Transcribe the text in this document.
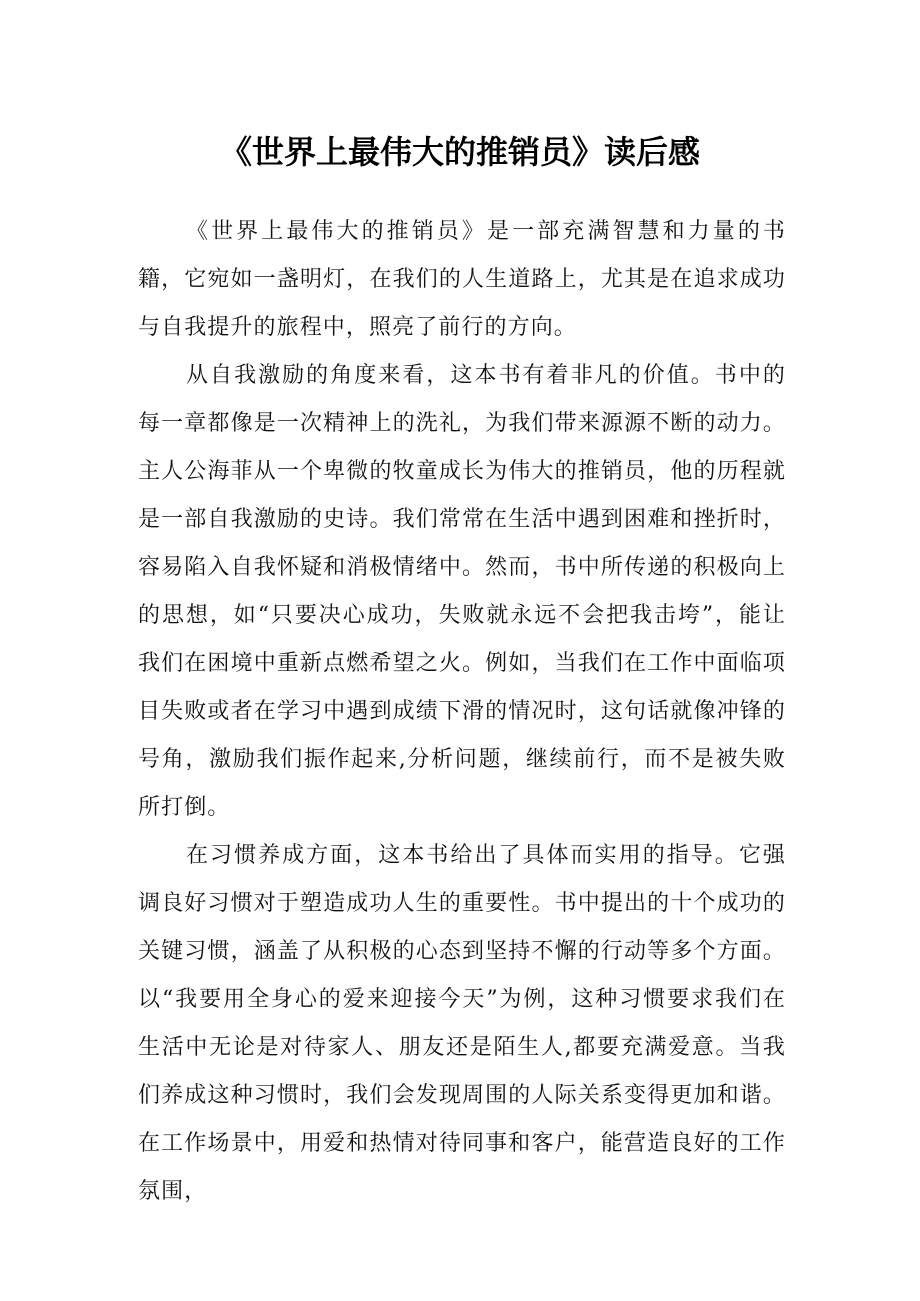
《世界上最伟大的推销员》读后感

《世界上最伟大的推销员》是一部充满智慧和力量的书籍，它宛如一盏明灯，在我们的人生道路上，尤其是在追求成功与自我提升的旅程中，照亮了前行的方向。

从自我激励的角度来看，这本书有着非凡的价值。书中的每一章都像是一次精神上的洗礼，为我们带来源源不断的动力。主人公海菲从一个卑微的牧童成长为伟大的推销员，他的历程就是一部自我激励的史诗。我们常常在生活中遇到困难和挫折时，容易陷入自我怀疑和消极情绪中。然而，书中所传递的积极向上的思想，如“只要决心成功，失败就永远不会把我击垮”，能让我们在困境中重新点燃希望之火。例如，当我们在工作中面临项目失败或者在学习中遇到成绩下滑的情况时，这句话就像冲锋的号角，激励我们振作起来,分析问题，继续前行，而不是被失败所打倒。

在习惯养成方面，这本书给出了具体而实用的指导。它强调良好习惯对于塑造成功人生的重要性。书中提出的十个成功的关键习惯，涵盖了从积极的心态到坚持不懈的行动等多个方面。以“我要用全身心的爱来迎接今天”为例，这种习惯要求我们在生活中无论是对待家人、朋友还是陌生人,都要充满爱意。当我们养成这种习惯时，我们会发现周围的人际关系变得更加和谐。在工作场景中，用爱和热情对待同事和客户，能营造良好的工作氛围，
